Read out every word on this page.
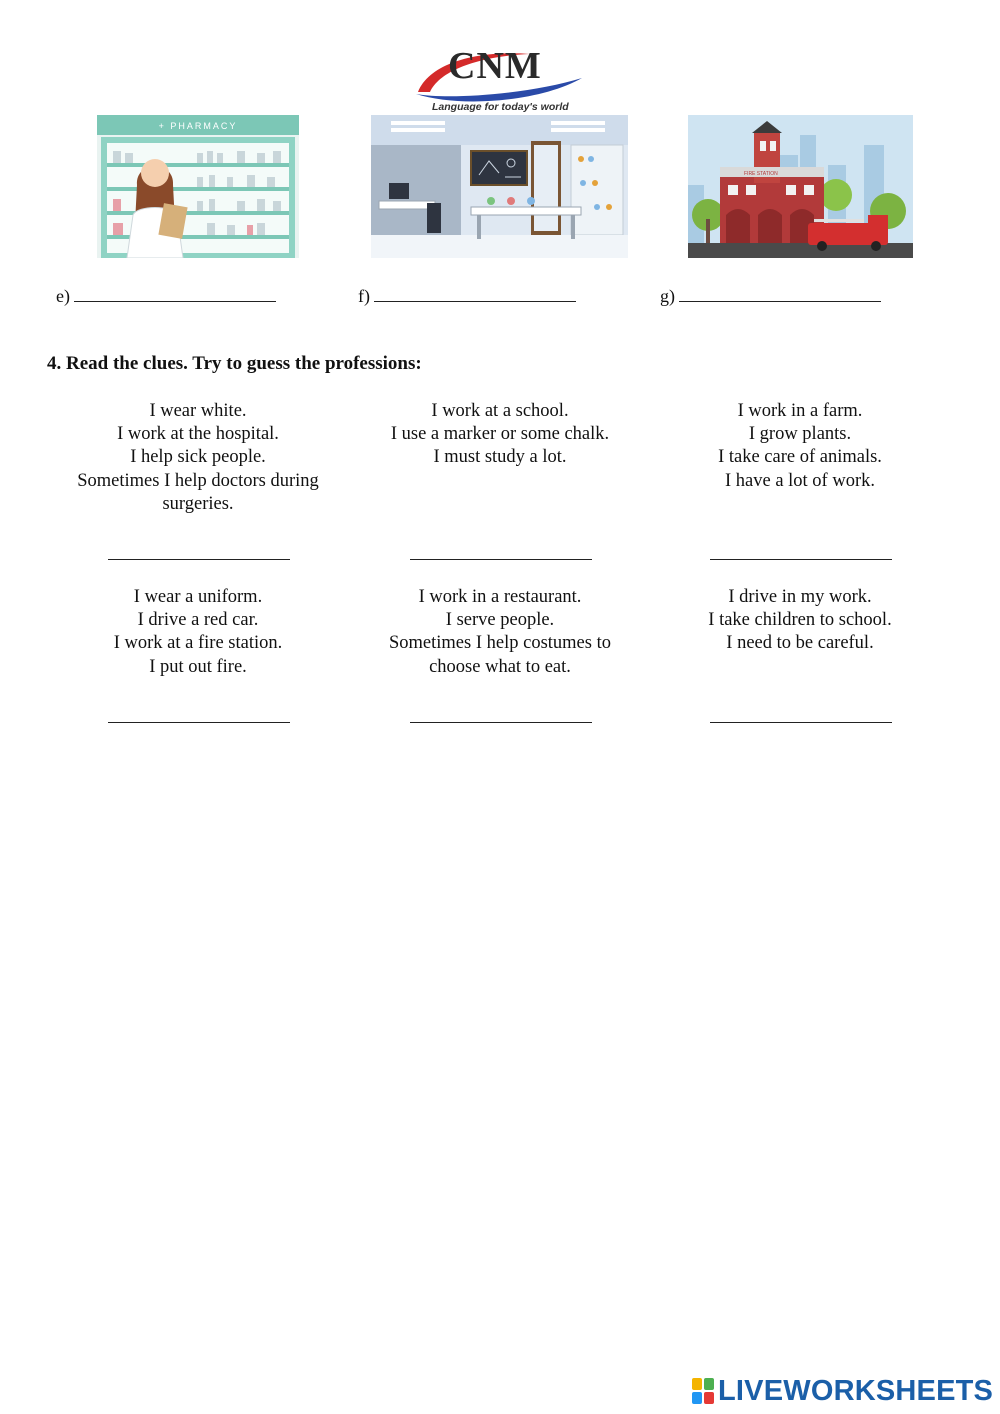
CNM
Language for today's world
+ PHARMACY
FIRE STATION
e)	f)	g)
4. Read the clues. Try to guess the professions:
I wear white.
I work at the hospital.
I help sick people.
Sometimes I help doctors during
surgeries.
I work at a school.
I use a marker or some chalk.
I must study a lot.
I work in a farm.
I grow plants.
I take care of animals.
I have a lot of work.
I wear a uniform.
I drive a red car.
I work at a fire station.
I put out fire.
I work in a restaurant.
I serve people.
Sometimes I help costumes to
choose what to eat.
I drive in my work.
I take children to school.
I need to be careful.
LIVEWORKSHEETS
